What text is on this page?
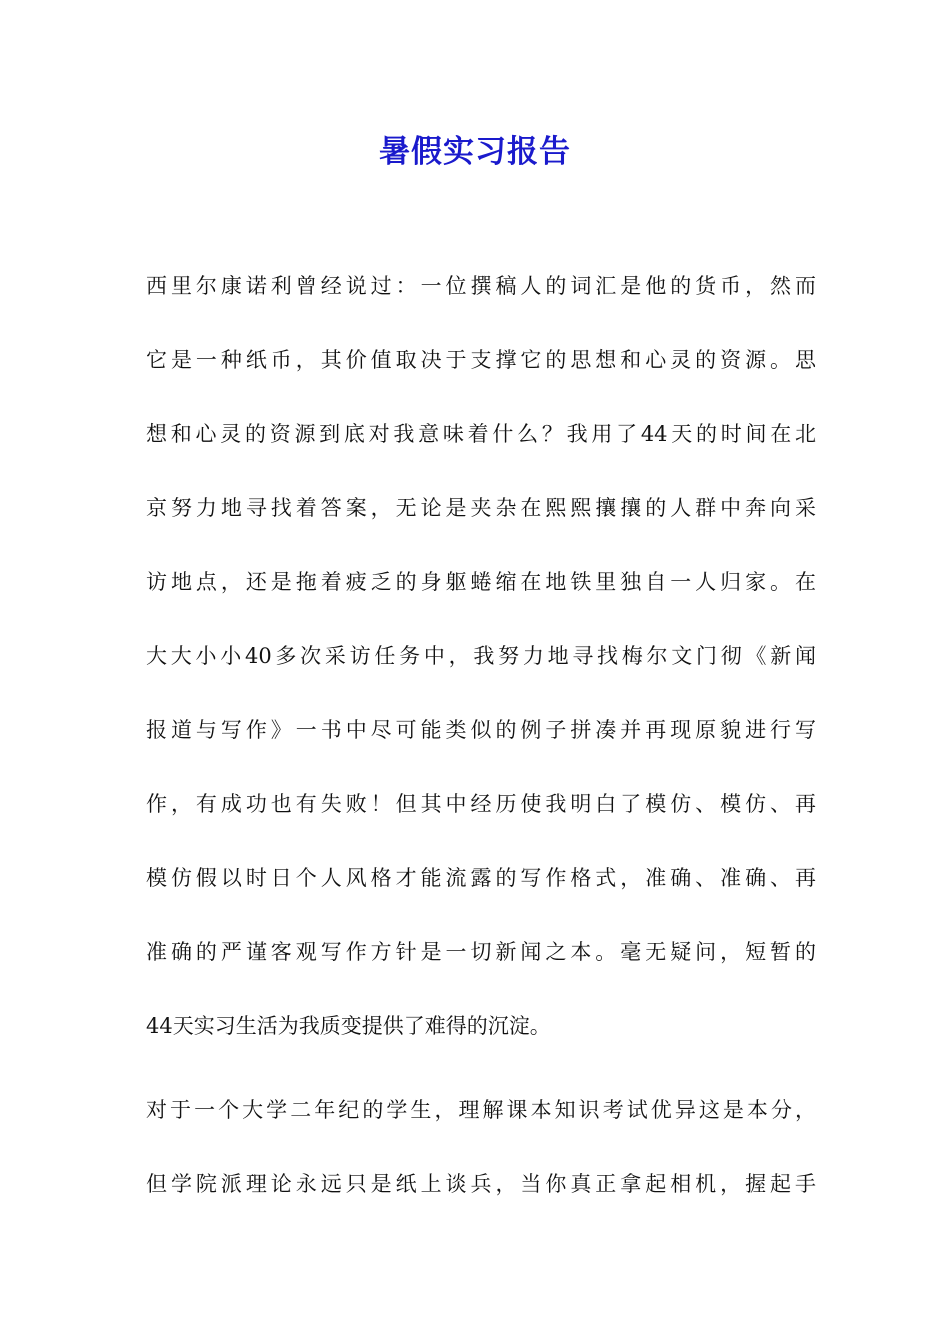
暑假实习报告
西里尔康诺利曾经说过：一位撰稿人的词汇是他的货币，然而
它是一种纸币，其价值取决于支撑它的思想和心灵的资源。思
想和心灵的资源到底对我意味着什么？我用了44天的时间在北
京努力地寻找着答案，无论是夹杂在熙熙攘攘的人群中奔向采
访地点，还是拖着疲乏的身躯蜷缩在地铁里独自一人归家。在
大大小小40多次采访任务中，我努力地寻找梅尔文门彻《新闻
报道与写作》一书中尽可能类似的例子拼凑并再现原貌进行写
作，有成功也有失败！但其中经历使我明白了模仿、模仿、再
模仿假以时日个人风格才能流露的写作格式，准确、准确、再
准确的严谨客观写作方针是一切新闻之本。毫无疑问，短暂的
44天实习生活为我质变提供了难得的沉淀。
对于一个大学二年纪的学生，理解课本知识考试优异这是本分，
但学院派理论永远只是纸上谈兵，当你真正拿起相机，握起手
